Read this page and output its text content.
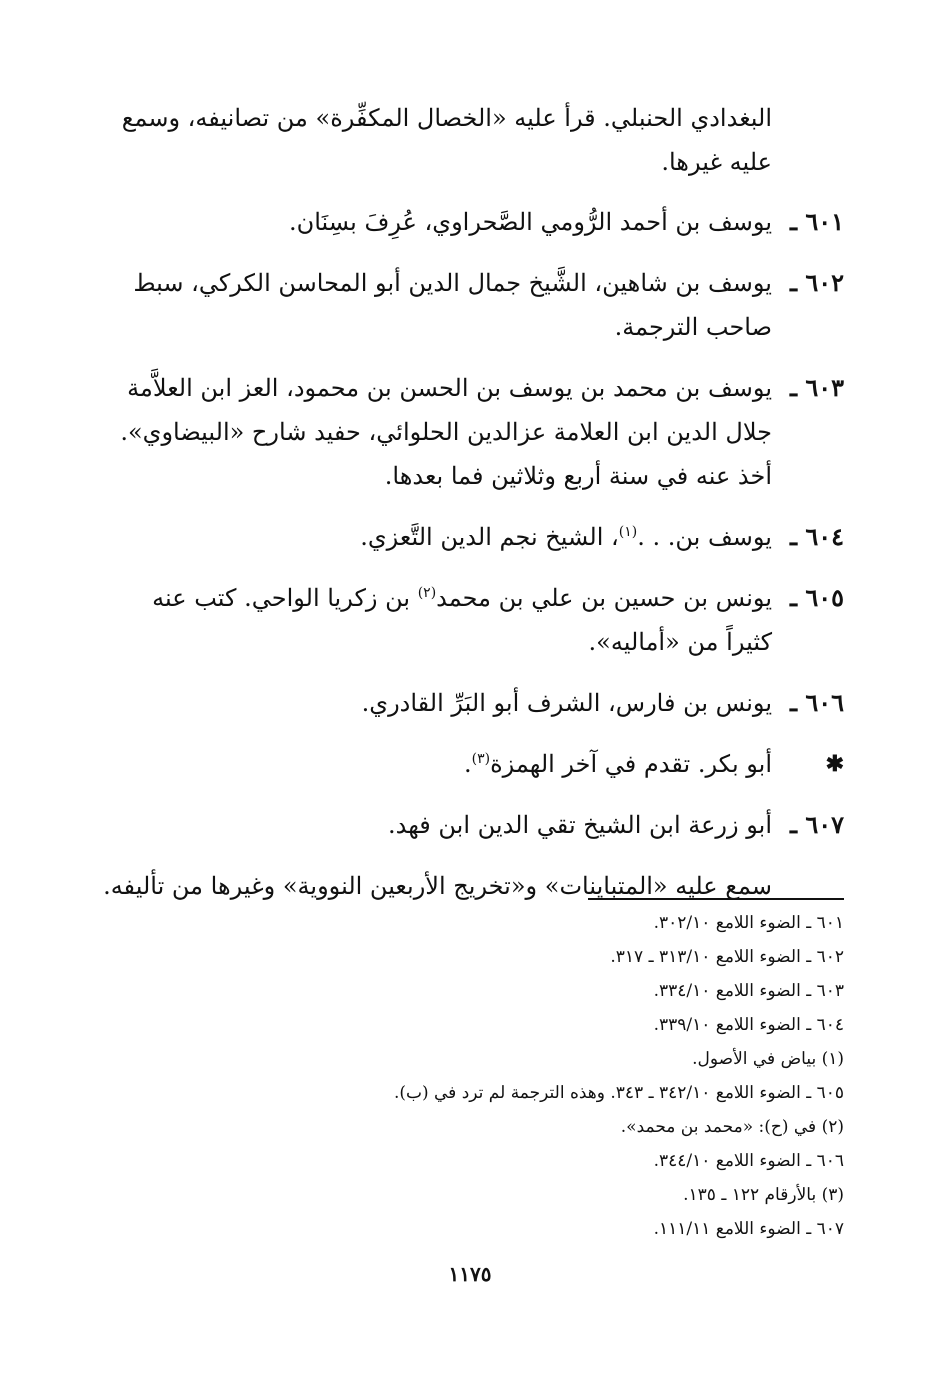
البغدادي الحنبلي. قرأ عليه «الخصال المكفِّرة» من تصانيفه، وسمع
عليه غيرها.
٦٠١ ـ
يوسف بن أحمد الرُّومي الصَّحراوي، عُرِفَ بسِنَان.
٦٠٢ ـ
يوسف بن شاهين، الشَّيخ جمال الدين أبو المحاسن الكركي، سبط
صاحب الترجمة.
٦٠٣ ـ
يوسف بن محمد بن يوسف بن الحسن بن محمود، العز ابن العلاَّمة
جلال الدين ابن العلامة عزالدين الحلوائي، حفيد شارح «البيضاوي».
أخذ عنه في سنة أربع وثلاثين فما بعدها.
٦٠٤ ـ
يوسف بن. . .$^{(١)}$، الشيخ نجم الدين التَّعزي.
٦٠٥ ـ
يونس بن حسين بن علي بن محمد$^{(٢)}$ بن زكريا الواحي. كتب عنه
كثيراً من «أماليه».
٦٠٦ ـ
يونس بن فارس، الشرف أبو البَرِّ القادري.
✱
أبو بكر. تقدم في آخر الهمزة$^{(٣)}$.
٦٠٧ ـ
أبو زرعة ابن الشيخ تقي الدين ابن فهد.
سمع عليه «المتباينات» و«تخريج الأربعين النووية» وغيرها من تأليفه.
٦٠١ ـ الضوء اللامع ٣٠٢/١٠.
٦٠٢ ـ الضوء اللامع ٣١٣/١٠ ـ ٣١٧.
٦٠٣ ـ الضوء اللامع ٣٣٤/١٠.
٦٠٤ ـ الضوء اللامع ٣٣٩/١٠.
(١) بياض في الأصول.
٦٠٥ ـ الضوء اللامع ٣٤٢/١٠ ـ ٣٤٣. وهذه الترجمة لم ترد في (ب).
(٢) في (ح): «محمد بن محمد».
٦٠٦ ـ الضوء اللامع ٣٤٤/١٠.
(٣) بالأرقام ١٢٢ ـ ١٣٥.
٦٠٧ ـ الضوء اللامع ١١١/١١.
١١٧٥
